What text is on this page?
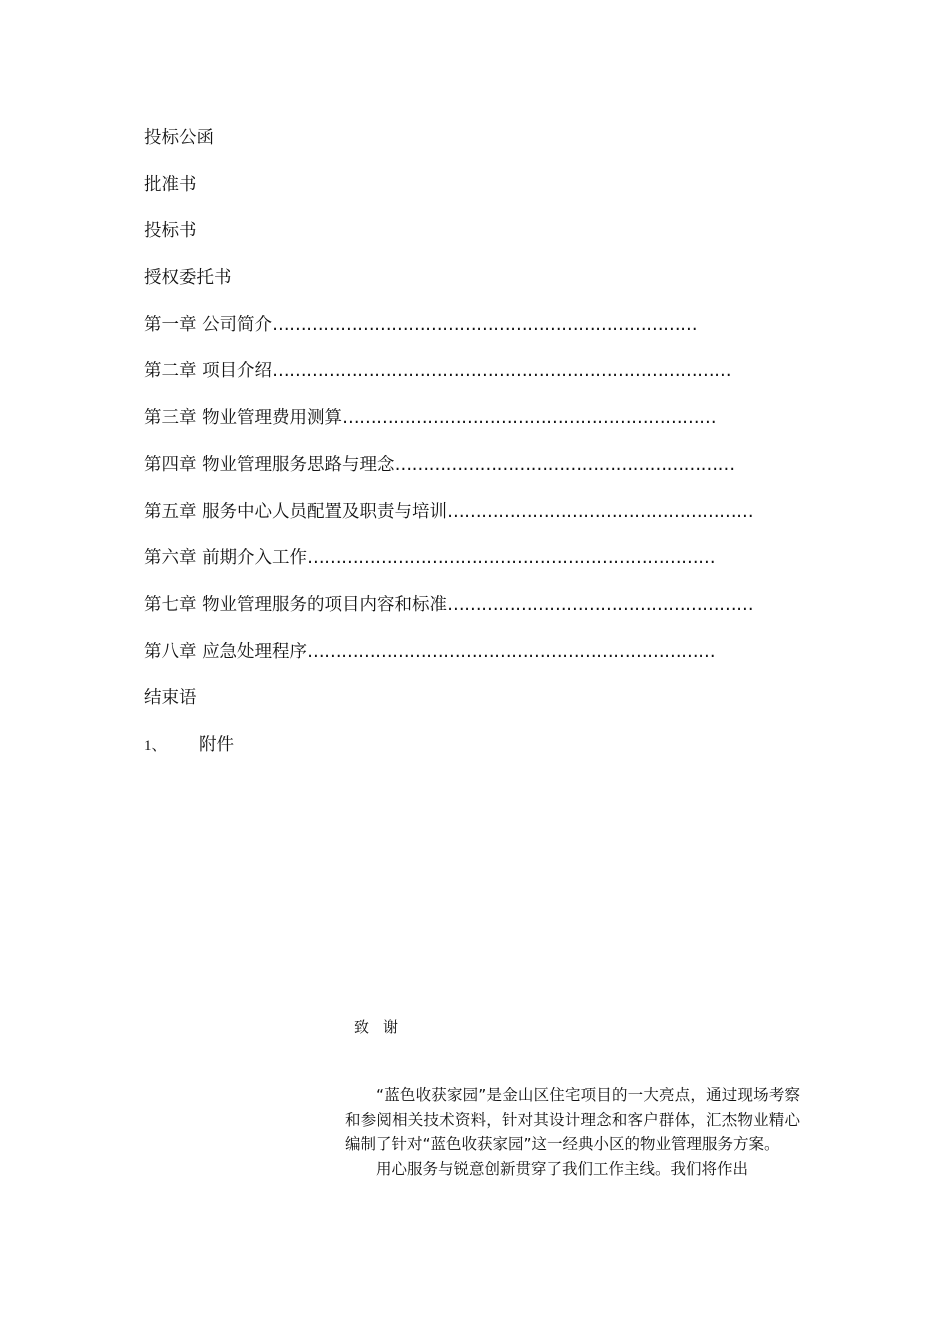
投标公函
批准书
投标书
授权委托书
第一章 公司简介…………………………………………………………………
第二章 项目介绍………………………………………………………………………
第三章 物业管理费用测算…………………………………………………………
第四章 物业管理服务思路与理念……………………………………………………
第五章 服务中心人员配置及职责与培训………………………………………………
第六章 前期介入工作………………………………………………………………
第七章 物业管理服务的项目内容和标准………………………………………………
第八章 应急处理程序………………………………………………………………
结束语
1、 附件
致谢

“蓝色收获家园”是金山区住宅项目的一大亮点，通过现场考察和参阅相关技术资料，针对其设计理念和客户群体，汇杰物业精心编制了针对“蓝色收获家园”这一经典小区的物业管理服务方案。

用心服务与锐意创新贯穿了我们工作主线。我们将作出
